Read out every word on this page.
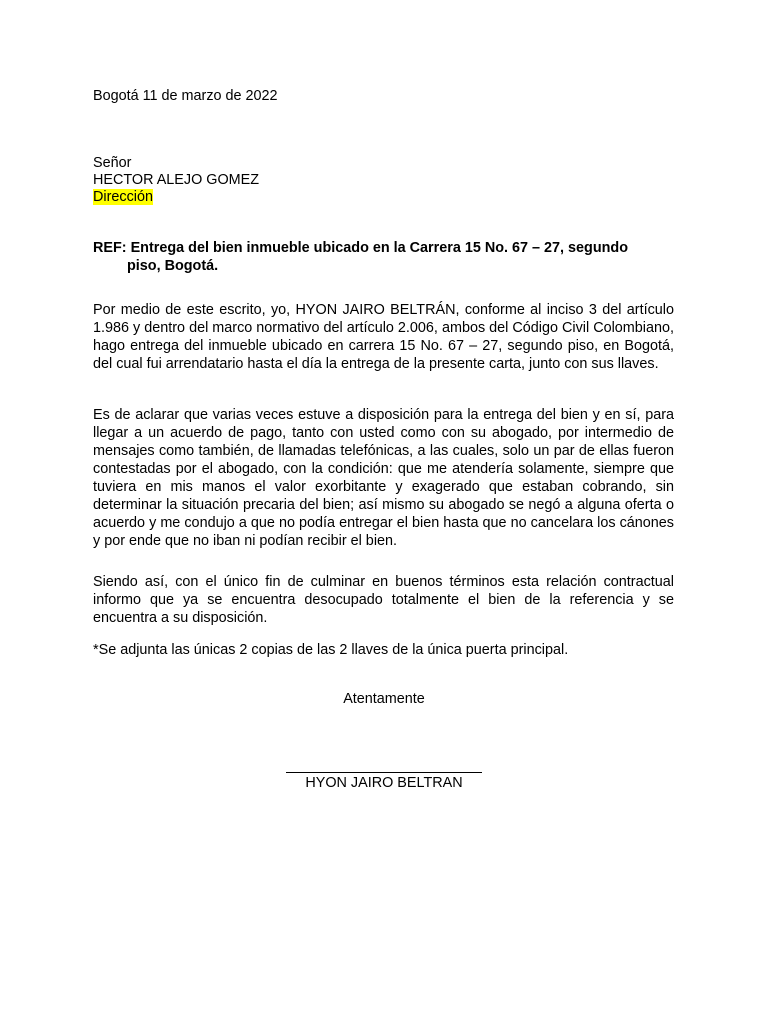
Bogotá 11 de marzo de 2022
Señor
HECTOR ALEJO GOMEZ
Dirección
REF: Entrega del bien inmueble ubicado en la Carrera 15 No. 67 – 27, segundo
piso, Bogotá.

Por medio de este escrito, yo, HYON JAIRO BELTRÁN, conforme al inciso 3 del artículo 1.986 y dentro del marco normativo del artículo 2.006, ambos del Código Civil Colombiano, hago entrega del inmueble ubicado en carrera 15 No. 67 – 27, segundo piso, en Bogotá, del cual fui arrendatario hasta el día la entrega de la presente carta, junto con sus llaves.

Es de aclarar que varias veces estuve a disposición para la entrega del bien y en sí, para llegar a un acuerdo de pago, tanto con usted como con su abogado, por intermedio de mensajes como también, de llamadas telefónicas, a las cuales, solo un par de ellas fueron contestadas por el abogado, con la condición: que me atendería solamente, siempre que tuviera en mis manos el valor exorbitante y exagerado que estaban cobrando, sin determinar la situación precaria del bien; así mismo su abogado se negó a alguna oferta o acuerdo y me condujo a que no podía entregar el bien hasta que no cancelara los cánones y por ende que no iban ni podían recibir el bien.

Siendo así, con el único fin de culminar en buenos términos esta relación contractual informo que ya se encuentra desocupado totalmente el bien de la referencia y se encuentra a su disposición.

*Se adjunta las únicas 2 copias de las 2 llaves de la única puerta principal.

Atentamente
HYON JAIRO BELTRAN
